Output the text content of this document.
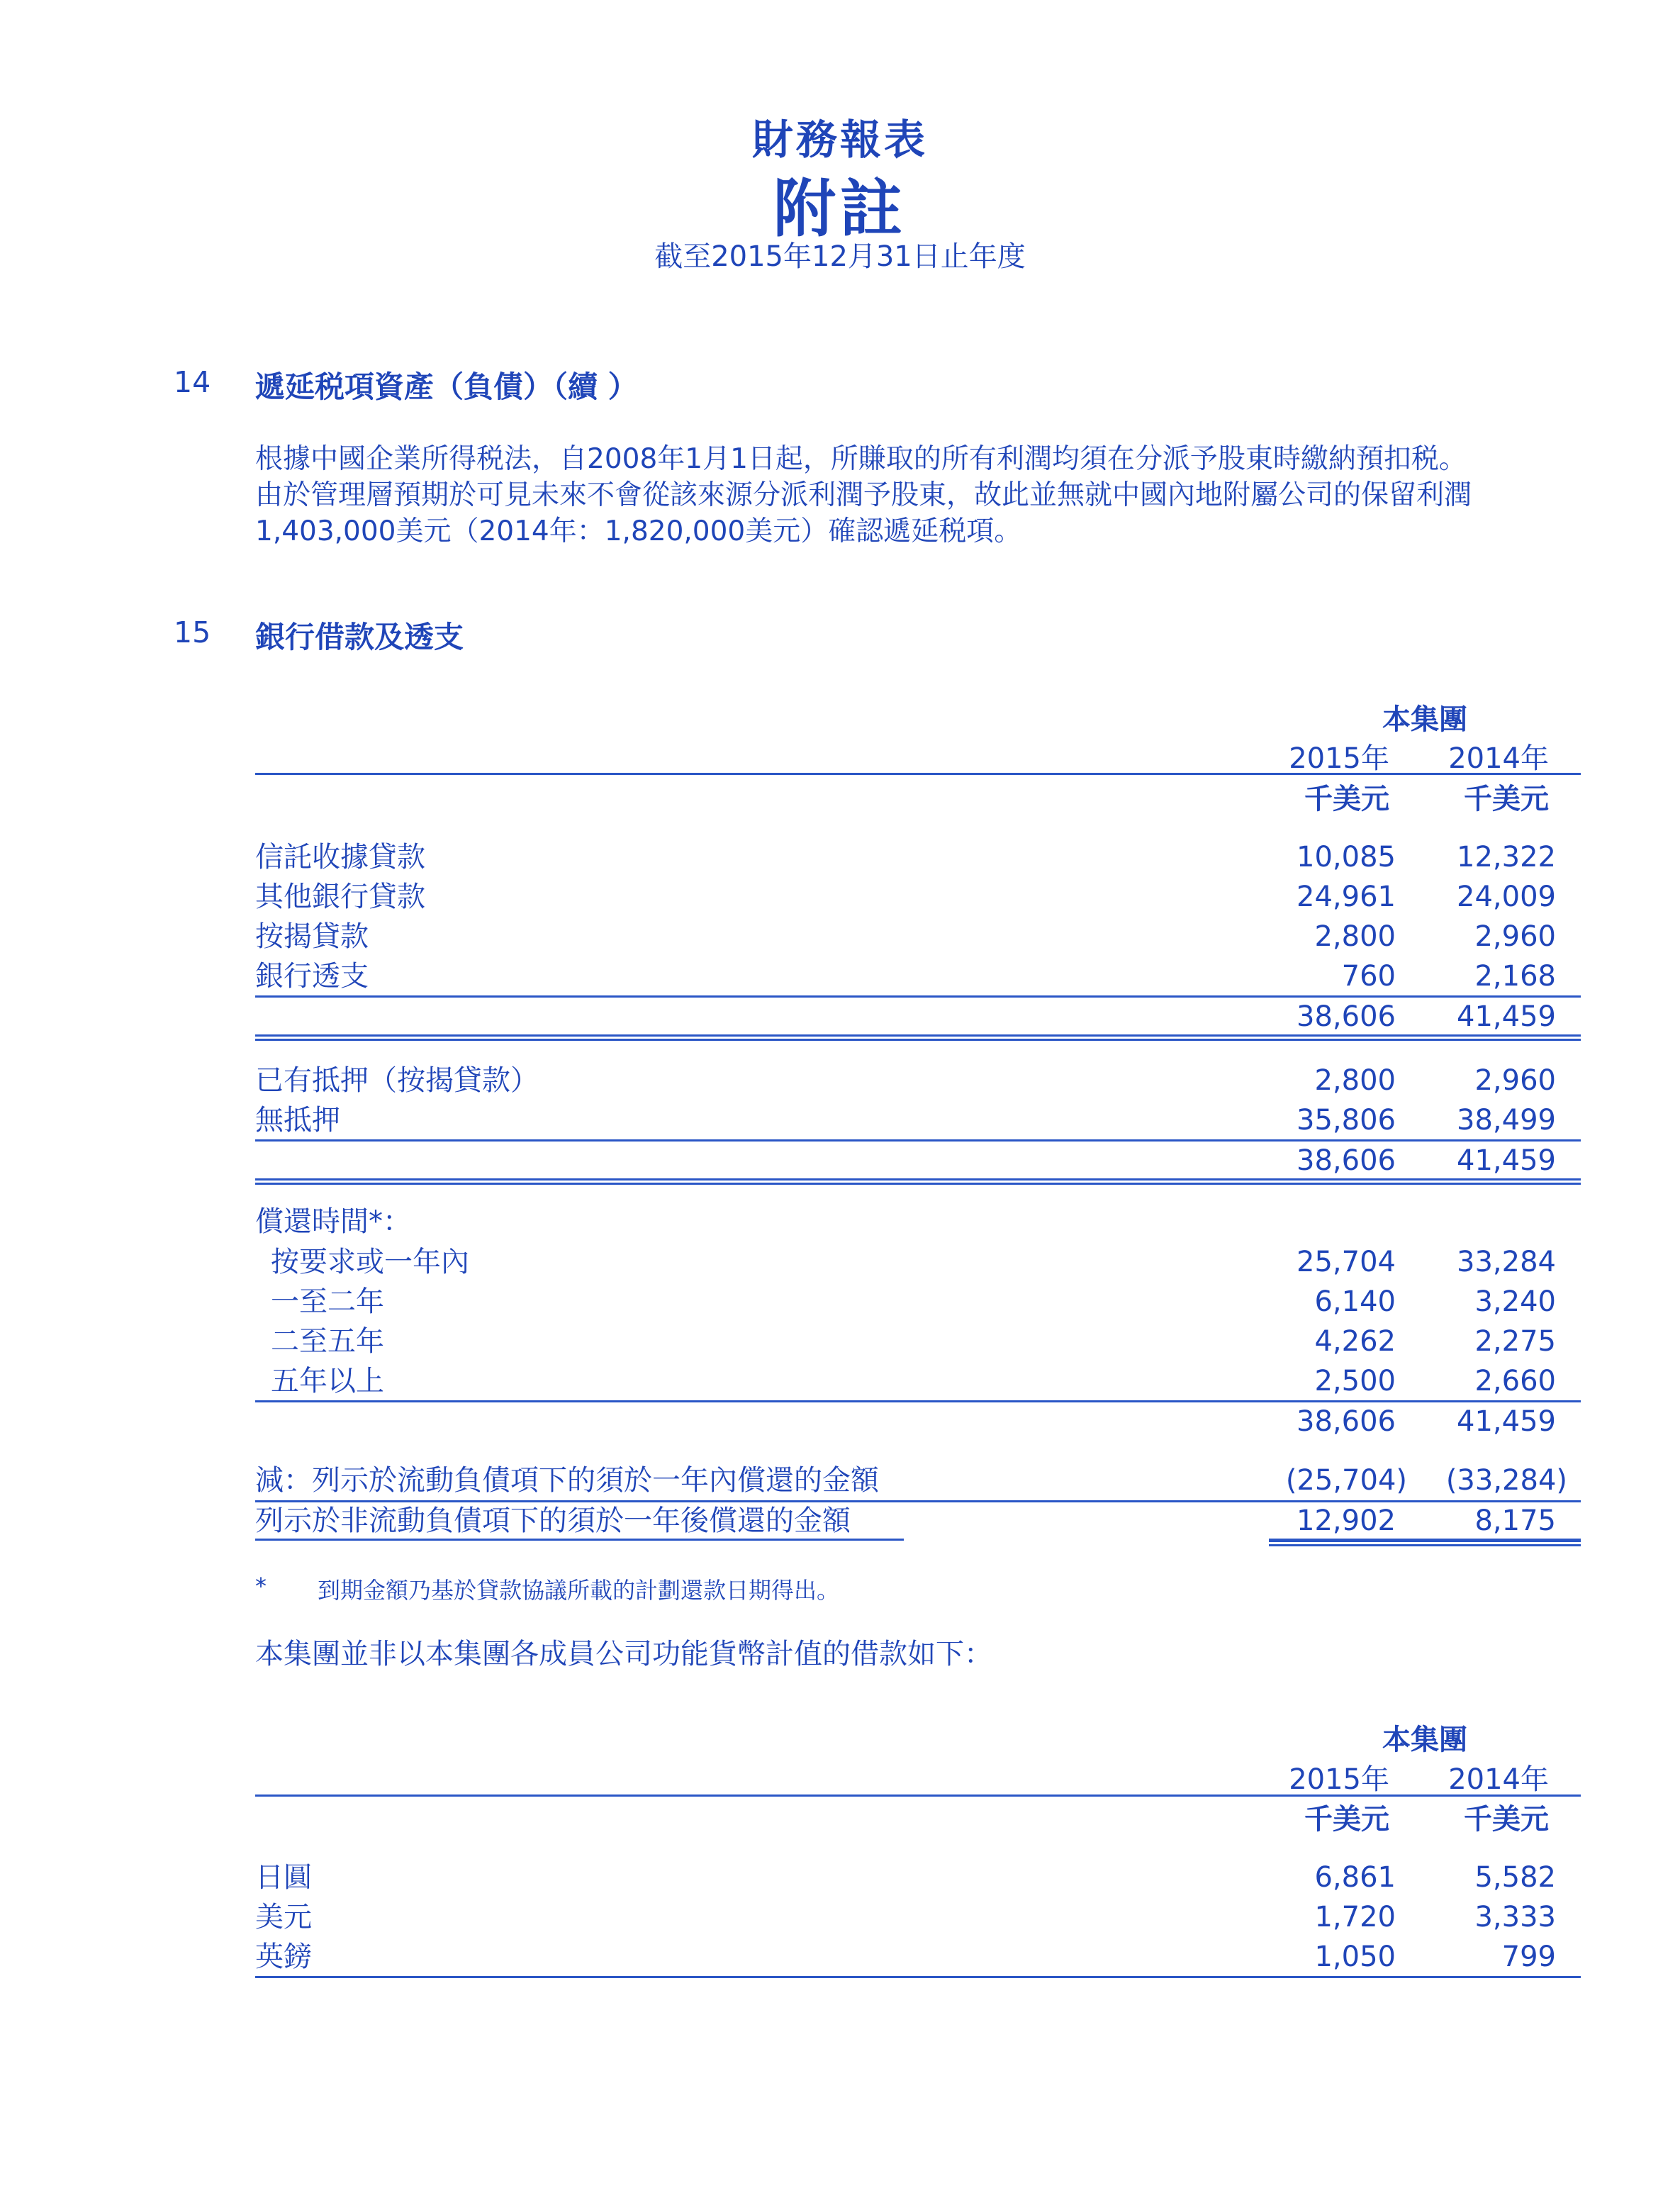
財務報表
附註
截至2015年12月31日止年度
14 遞延税項資產（負債）（續 ）
根據中國企業所得税法，自2008年1月1日起，所賺取的所有利潤均須在分派予股東時繳納預扣税。
由於管理層預期於可見未來不會從該來源分派利潤予股東，故此並無就中國內地附屬公司的保留利潤
1,403,000美元（2014年：1,820,000美元）確認遞延税項。
15 銀行借款及透支
本集團
2015年	2014年
千美元	千美元
信託收據貸款	10,085 12,322
其他銀行貸款	24,961 24,009
按揭貸款	2,800	2,960
銀行透支	760	2,168
38,606 41,459
已有抵押（按揭貸款）	2,800	2,960
無抵押	35,806 38,499
38,606 41,459
償還時間*：
按要求或一年內	25,704 33,284
一至二年	6,140	3,240
二至五年	4,262	2,275
五年以上	2,500	2,660
38,606 41,459
減：列示於流動負債項下的須於一年內償還的金額	(25,704) (33,284)
列示於非流動負債項下的須於一年後償還的金額	12,902	8,175
* 到期金額乃基於貸款協議所載的計劃還款日期得出。
本集團並非以本集團各成員公司功能貨幣計值的借款如下：
本集團
2015年	2014年
千美元	千美元
日圓	6,861	5,582
美元	1,720	3,333
英鎊	1,050	799
